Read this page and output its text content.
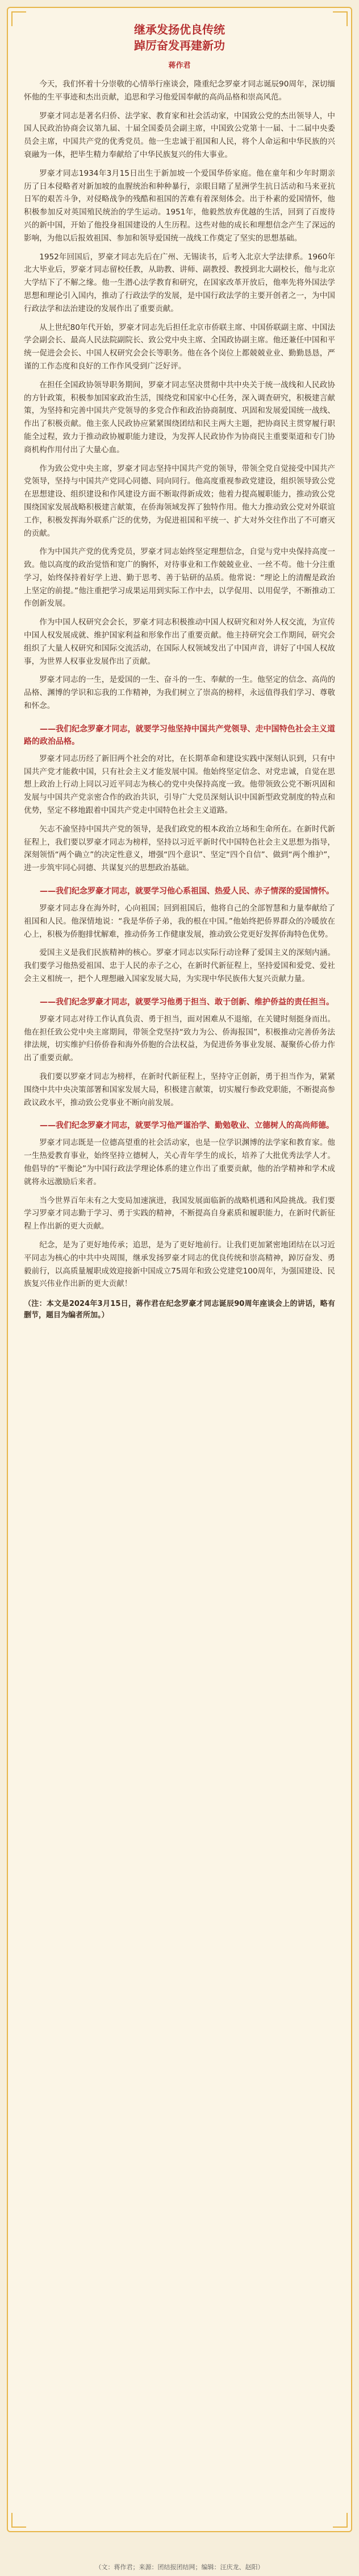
继承发扬优良传统
踔厉奋发再建新功
蒋作君

今天，我们怀着十分崇敬的心情举行座谈会，隆重纪念罗豪才同志诞辰90周年，深切缅怀他的生平事迹和杰出贡献，追思和学习他爱国奉献的高尚品格和崇高风范。

罗豪才同志是著名归侨、法学家、教育家和社会活动家，中国致公党的杰出领导人，中国人民政治协商会议第九届、十届全国委员会副主席，中国致公党第十一届、十二届中央委员会主席，中国共产党的优秀党员。他一生忠诚于祖国和人民，将个人命运和中华民族的兴衰融为一体，把毕生精力奉献给了中华民族复兴的伟大事业。

罗豪才同志1934年3月15日出生于新加坡一个爱国华侨家庭。他在童年和少年时期亲历了日本侵略者对新加坡的血腥统治和种种暴行，亲眼目睹了星洲学生抗日活动和马来亚抗日军的艰苦斗争，对侵略战争的残酷和祖国的苦难有着深刻体会。出于朴素的爱国情怀，他积极参加反对英国殖民统治的学生运动。1951年，他毅然放弃优越的生活，回到了百废待兴的新中国，开始了他投身祖国建设的人生历程。这些对他的成长和理想信念产生了深远的影响，为他以后报效祖国、参加和领导爱国统一战线工作奠定了坚实的思想基础。

1952年回国后，罗豪才同志先后在广州、无锡读书，后考入北京大学法律系。1960年北大毕业后，罗豪才同志留校任教，从助教、讲师、副教授、教授到北大副校长，他与北京大学结下了不解之缘。他一生潜心法学教育和研究，在国家改革开放后，他率先将外国法学思想和理论引入国内，推动了行政法学的发展，是中国行政法学的主要开创者之一，为中国行政法学和法治建设的发展作出了重要贡献。

从上世纪80年代开始，罗豪才同志先后担任北京市侨联主席、中国侨联副主席、中国法学会副会长、最高人民法院副院长、致公党中央主席、全国政协副主席。他还兼任中国和平统一促进会会长、中国人权研究会会长等职务。他在各个岗位上都兢兢业业、勤勤恳恳，严谨的工作态度和良好的工作作风受到广泛好评。

在担任全国政协领导职务期间，罗豪才同志坚决贯彻中共中央关于统一战线和人民政协的方针政策，积极参加国家政治生活，围绕党和国家中心任务，深入调查研究，积极建言献策，为坚持和完善中国共产党领导的多党合作和政治协商制度、巩固和发展爱国统一战线、作出了积极贡献。他主张人民政协应紧紧围绕团结和民主两大主题，把协商民主贯穿履行职能全过程，致力于推动政协履职能力建设，为发挥人民政协作为协商民主重要渠道和专门协商机构作用付出了大量心血。

作为致公党中央主席，罗豪才同志坚持中国共产党的领导，带领全党自觉接受中国共产党领导，坚持与中国共产党同心同德、同向同行。他高度重视参政党建设，组织领导致公党在思想建设、组织建设和作风建设方面不断取得新成效；他着力提高履职能力，推动致公党围绕国家发展战略积极建言献策，在侨海领域发挥了独特作用。他大力推动致公党对外联谊工作，积极发挥海外联系广泛的优势，为促进祖国和平统一、扩大对外交往作出了不可磨灭的贡献。

作为中国共产党的优秀党员，罗豪才同志始终坚定理想信念，自觉与党中央保持高度一致。他以高度的政治觉悟和宽广的胸怀，对待事业和工作兢兢业业、一丝不苟。他十分注重学习，始终保持着好学上进、勤于思考、善于钻研的品质。他常说：“理论上的清醒是政治上坚定的前提。”他注重把学习成果运用到实际工作中去，以学促用、以用促学，不断推动工作创新发展。

作为中国人权研究会会长，罗豪才同志积极推动中国人权研究和对外人权交流，为宣传中国人权发展成就、维护国家利益和形象作出了重要贡献。他主持研究会工作期间，研究会组织了大量人权研究和国际交流活动，在国际人权领域发出了中国声音，讲好了中国人权故事，为世界人权事业发展作出了贡献。

罗豪才同志的一生，是爱国的一生、奋斗的一生、奉献的一生。他坚定的信念、高尚的品格、渊博的学识和忘我的工作精神，为我们树立了崇高的榜样，永远值得我们学习、尊敬和怀念。

——我们纪念罗豪才同志，就要学习他坚持中国共产党领导、走中国特色社会主义道路的政治品格。

罗豪才同志历经了新旧两个社会的对比，在长期革命和建设实践中深刻认识到，只有中国共产党才能救中国，只有社会主义才能发展中国。他始终坚定信念、对党忠诚，自觉在思想上政治上行动上同以习近平同志为核心的党中央保持高度一致。他带领致公党不断巩固和发展与中国共产党亲密合作的政治共识，引导广大党员深刻认识中国新型政党制度的特点和优势，坚定不移地跟着中国共产党走中国特色社会主义道路。

矢志不渝坚持中国共产党的领导，是我们政党的根本政治立场和生命所在。在新时代新征程上，我们要以罗豪才同志为榜样，坚持以习近平新时代中国特色社会主义思想为指导，深刻领悟“两个确立”的决定性意义，增强“四个意识”、坚定“四个自信”、做到“两个维护”，进一步筑牢同心同德、共谋复兴的思想政治基础。

——我们纪念罗豪才同志，就要学习他心系祖国、热爱人民、赤子情深的爱国情怀。

罗豪才同志身在海外时，心向祖国；回到祖国后，他将自己的全部智慧和力量奉献给了祖国和人民。他深情地说：“我是华侨子弟，我的根在中国。”他始终把侨界群众的冷暖放在心上，积极为侨胞排忧解难，推动侨务工作健康发展，推动致公党更好发挥侨海特色优势。

爱国主义是我们民族精神的核心。罗豪才同志以实际行动诠释了爱国主义的深刻内涵。我们要学习他热爱祖国、忠于人民的赤子之心，在新时代新征程上，坚持爱国和爱党、爱社会主义相统一，把个人理想融入国家发展大局，为实现中华民族伟大复兴贡献力量。

——我们纪念罗豪才同志，就要学习他勇于担当、敢于创新、维护侨益的责任担当。

罗豪才同志对待工作认真负责、勇于担当，面对困难从不退缩，在关键时刻挺身而出。他在担任致公党中央主席期间，带领全党坚持“致力为公、侨海报国”，积极推动完善侨务法律法规，切实维护归侨侨眷和海外侨胞的合法权益，为促进侨务事业发展、凝聚侨心侨力作出了重要贡献。

我们要以罗豪才同志为榜样，在新时代新征程上，坚持守正创新，勇于担当作为，紧紧围绕中共中央决策部署和国家发展大局，积极建言献策，切实履行参政党职能，不断提高参政议政水平，推动致公党事业不断向前发展。

——我们纪念罗豪才同志，就要学习他严谨治学、勤勉敬业、立德树人的高尚师德。

罗豪才同志既是一位德高望重的社会活动家，也是一位学识渊博的法学家和教育家。他一生热爱教育事业，始终坚持立德树人，关心青年学生的成长，培养了大批优秀法学人才。他倡导的“平衡论”为中国行政法学理论体系的建立作出了重要贡献，他的治学精神和学术成就将永远激励后来者。

当今世界百年未有之大变局加速演进，我国发展面临新的战略机遇和风险挑战。我们要学习罗豪才同志勤于学习、勇于实践的精神，不断提高自身素质和履职能力，在新时代新征程上作出新的更大贡献。

纪念，是为了更好地传承；追思，是为了更好地前行。让我们更加紧密地团结在以习近平同志为核心的中共中央周围，继承发扬罗豪才同志的优良传统和崇高精神，踔厉奋发、勇毅前行，以高质量履职成效迎接新中国成立75周年和致公党建党100周年，为强国建设、民族复兴伟业作出新的更大贡献！

（注：本文是2024年3月15日，蒋作君在纪念罗豪才同志诞辰90周年座谈会上的讲话，略有删节，题目为编者所加。）
（文：蒋作君；来源：团结报团结网；编辑：汪庆龙、赵阳）
